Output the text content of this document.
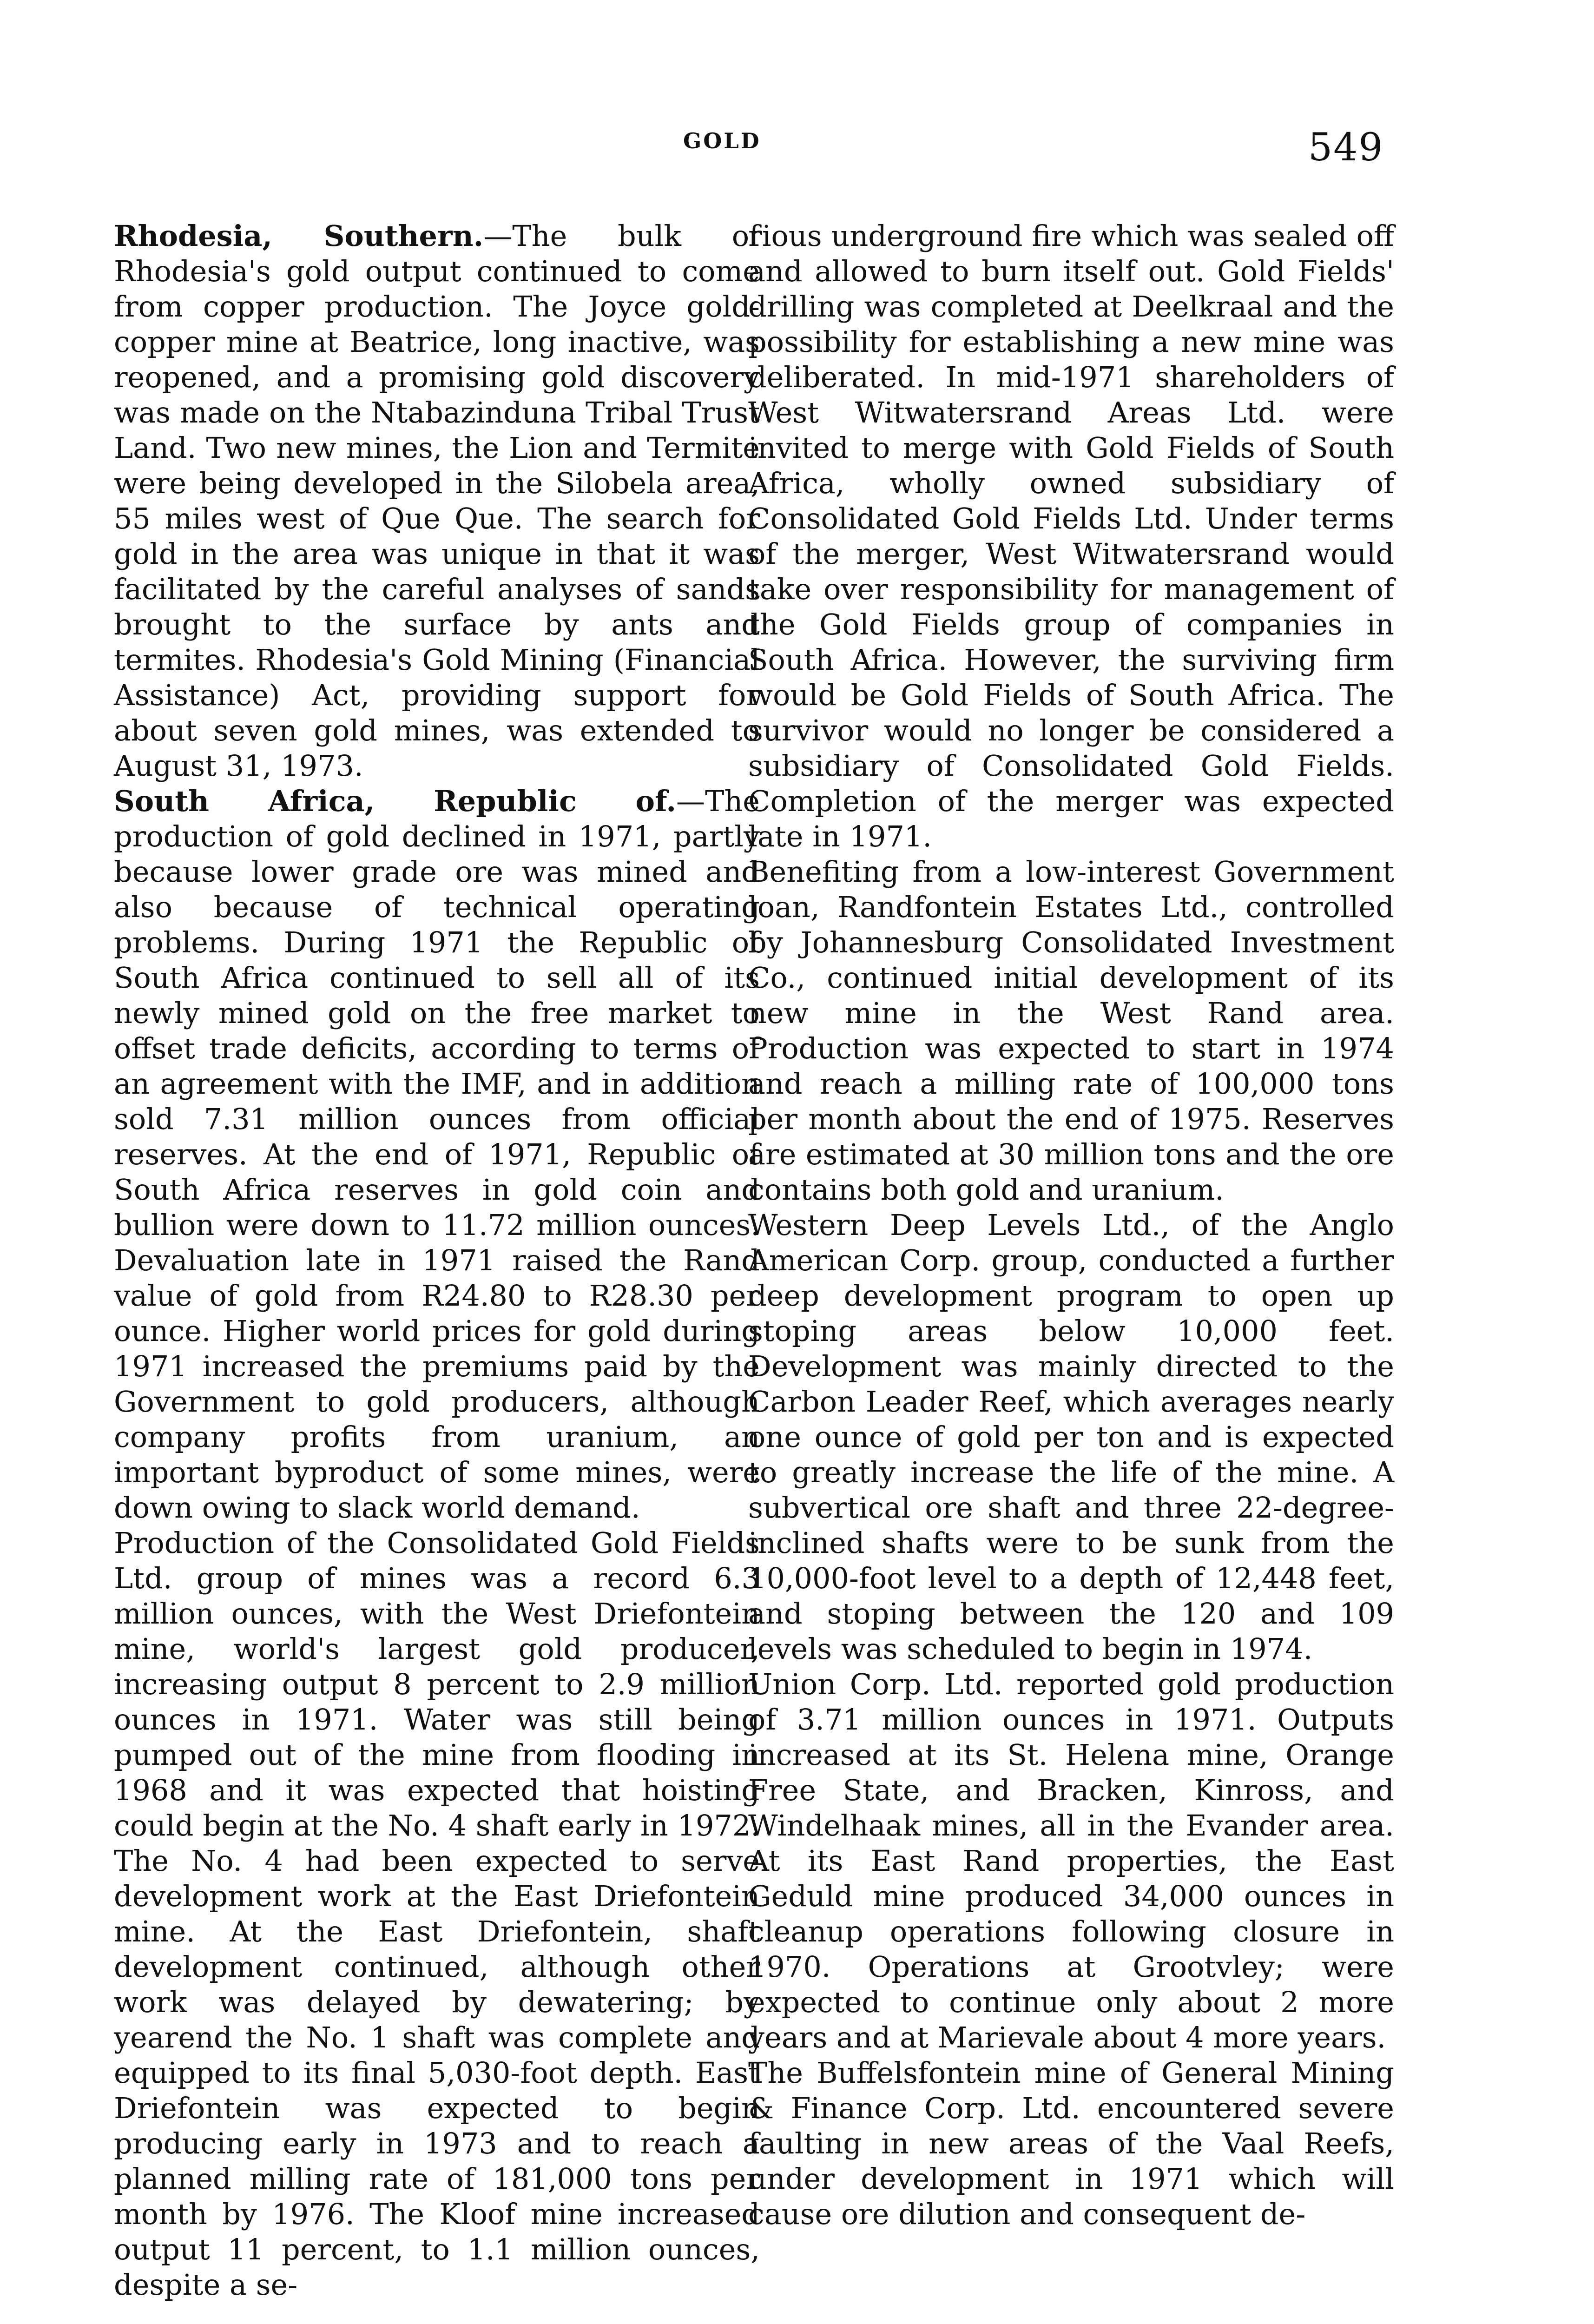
GOLD	549

Rhodesia, Southern.—The bulk of Rhodesia's gold output continued to come from copper production. The Joyce gold-copper mine at Beatrice, long inactive, was reopened, and a promising gold discovery was made on the Ntabazinduna Tribal Trust Land. Two new mines, the Lion and Termite were being developed in the Silobela area, 55 miles west of Que Que. The search for gold in the area was unique in that it was facilitated by the careful analyses of sands brought to the surface by ants and termites. Rhodesia's Gold Mining (Financial Assistance) Act, providing support for about seven gold mines, was extended to August 31, 1973.

South Africa, Republic of.—The production of gold declined in 1971, partly because lower grade ore was mined and also because of technical operating problems. During 1971 the Republic of South Africa continued to sell all of its newly mined gold on the free market to offset trade deficits, according to terms of an agreement with the IMF, and in addition sold 7.31 million ounces from official reserves. At the end of 1971, Republic of South Africa reserves in gold coin and bullion were down to 11.72 million ounces. Devaluation late in 1971 raised the Rand value of gold from R24.80 to R28.30 per ounce. Higher world prices for gold during 1971 increased the premiums paid by the Government to gold producers, although company profits from uranium, an important byproduct of some mines, were down owing to slack world demand.

Production of the Consolidated Gold Fields Ltd. group of mines was a record 6.3 million ounces, with the West Driefontein mine, world's largest gold producer, increasing output 8 percent to 2.9 million ounces in 1971. Water was still being pumped out of the mine from flooding in 1968 and it was expected that hoisting could begin at the No. 4 shaft early in 1972. The No. 4 had been expected to serve development work at the East Driefontein mine. At the East Driefontein, shaft development continued, although other work was delayed by dewatering; by yearend the No. 1 shaft was complete and equipped to its final 5,030-foot depth. East Driefontein was expected to begin producing early in 1973 and to reach a planned milling rate of 181,000 tons per month by 1976. The Kloof mine increased output 11 percent, to 1.1 million ounces, despite a se-

rious underground fire which was sealed off and allowed to burn itself out. Gold Fields' drilling was completed at Deelkraal and the possibility for establishing a new mine was deliberated. In mid-1971 shareholders of West Witwatersrand Areas Ltd. were invited to merge with Gold Fields of South Africa, wholly owned subsidiary of Consolidated Gold Fields Ltd. Under terms of the merger, West Witwatersrand would take over responsibility for management of the Gold Fields group of companies in South Africa. However, the surviving firm would be Gold Fields of South Africa. The survivor would no longer be considered a subsidiary of Consolidated Gold Fields. Completion of the merger was expected late in 1971.

Benefiting from a low-interest Government loan, Randfontein Estates Ltd., controlled by Johannesburg Consolidated Investment Co., continued initial development of its new mine in the West Rand area. Production was expected to start in 1974 and reach a milling rate of 100,000 tons per month about the end of 1975. Reserves are estimated at 30 million tons and the ore contains both gold and uranium.

Western Deep Levels Ltd., of the Anglo American Corp. group, conducted a further deep development program to open up stoping areas below 10,000 feet. Development was mainly directed to the Carbon Leader Reef, which averages nearly one ounce of gold per ton and is expected to greatly increase the life of the mine. A subvertical ore shaft and three 22-degree-inclined shafts were to be sunk from the 10,000-foot level to a depth of 12,448 feet, and stoping between the 120 and 109 levels was scheduled to begin in 1974.

Union Corp. Ltd. reported gold production of 3.71 million ounces in 1971. Outputs increased at its St. Helena mine, Orange Free State, and Bracken, Kinross, and Windelhaak mines, all in the Evander area. At its East Rand properties, the East Geduld mine produced 34,000 ounces in cleanup operations following closure in 1970. Operations at Grootvley; were expected to continue only about 2 more years and at Marievale about 4 more years.

The Buffelsfontein mine of General Mining & Finance Corp. Ltd. encountered severe faulting in new areas of the Vaal Reefs, under development in 1971 which will cause ore dilution and consequent de-
